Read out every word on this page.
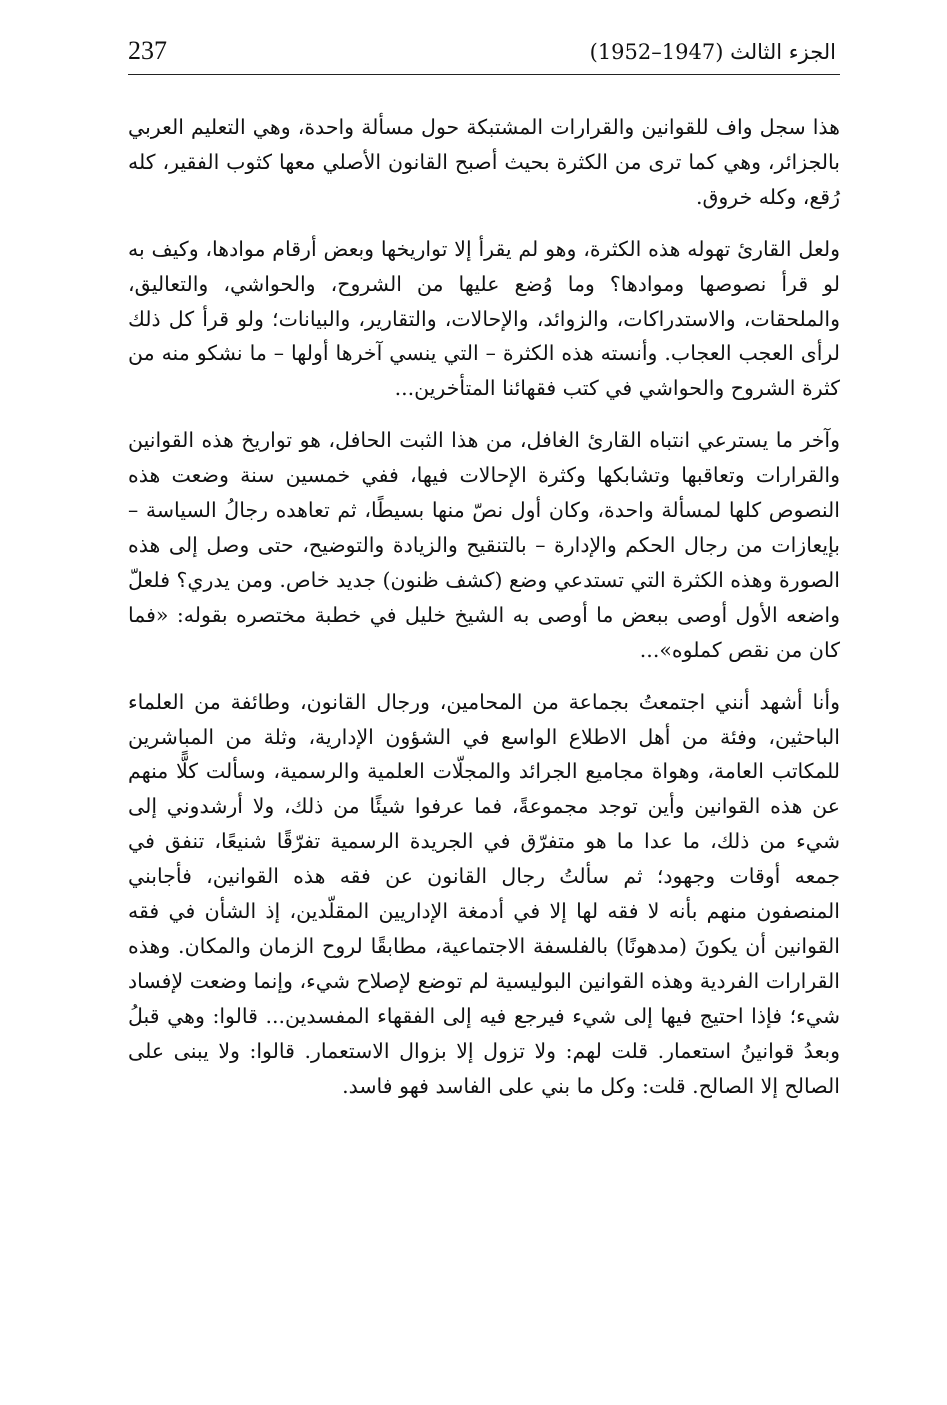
237	الجزء الثالث (1947–1952)

هذا سجل واف للقوانين والقرارات المشتبكة حول مسألة واحدة، وهي التعليم العربي بالجزائر، وهي كما ترى من الكثرة بحيث أصبح القانون الأصلي معها كثوب الفقير، كله رُقع، وكله خروق.

ولعل القارئ تهوله هذه الكثرة، وهو لم يقرأ إلا تواريخها وبعض أرقام موادها، وكيف به لو قرأ نصوصها وموادها؟ وما وُضع عليها من الشروح، والحواشي، والتعاليق، والملحقات، والاستدراكات، والزوائد، والإحالات، والتقارير، والبيانات؛ ولو قرأ كل ذلك لرأى العجب العجاب. وأنسته هذه الكثرة – التي ينسي آخرها أولها – ما نشكو منه من كثرة الشروح والحواشي في كتب فقهائنا المتأخرين...

وآخر ما يسترعي انتباه القارئ الغافل، من هذا الثبت الحافل، هو تواريخ هذه القوانين والقرارات وتعاقبها وتشابكها وكثرة الإحالات فيها، ففي خمسين سنة وضعت هذه النصوص كلها لمسألة واحدة، وكان أول نصّ منها بسيطًا، ثم تعاهده رجالُ السياسة – بإيعازات من رجال الحكم والإدارة – بالتنقيح والزيادة والتوضيح، حتى وصل إلى هذه الصورة وهذه الكثرة التي تستدعي وضع (كشف ظنون) جديد خاص. ومن يدري؟ فلعلّ واضعه الأول أوصى ببعض ما أوصى به الشيخ خليل في خطبة مختصره بقوله: «فما كان من نقص كملوه»...

وأنا أشهد أنني اجتمعتُ بجماعة من المحامين، ورجال القانون، وطائفة من العلماء الباحثين، وفئة من أهل الاطلاع الواسع في الشؤون الإدارية، وثلة من المباشرين للمكاتب العامة، وهواة مجاميع الجرائد والمجلّات العلمية والرسمية، وسألت كلًّا منهم عن هذه القوانين وأين توجد مجموعةً، فما عرفوا شيئًا من ذلك، ولا أرشدوني إلى شيء من ذلك، ما عدا ما هو متفرّق في الجريدة الرسمية تفرّقًا شنيعًا، تنفق في جمعه أوقات وجهود؛ ثم سألتُ رجال القانون عن فقه هذه القوانين، فأجابني المنصفون منهم بأنه لا فقه لها إلا في أدمغة الإداريين المقلّدين، إذ الشأن في فقه القوانين أن يكونَ (مدهونًا) بالفلسفة الاجتماعية، مطابقًا لروح الزمان والمكان. وهذه القرارات الفردية وهذه القوانين البوليسية لم توضع لإصلاح شيء، وإنما وضعت لإفساد شيء؛ فإذا احتيج فيها إلى شيء فيرجع فيه إلى الفقهاء المفسدين... قالوا: وهي قبلُ وبعدُ قوانينُ استعمار. قلت لهم: ولا تزول إلا بزوال الاستعمار. قالوا: ولا يبنى على الصالح إلا الصالح. قلت: وكل ما بني على الفاسد فهو فاسد.
